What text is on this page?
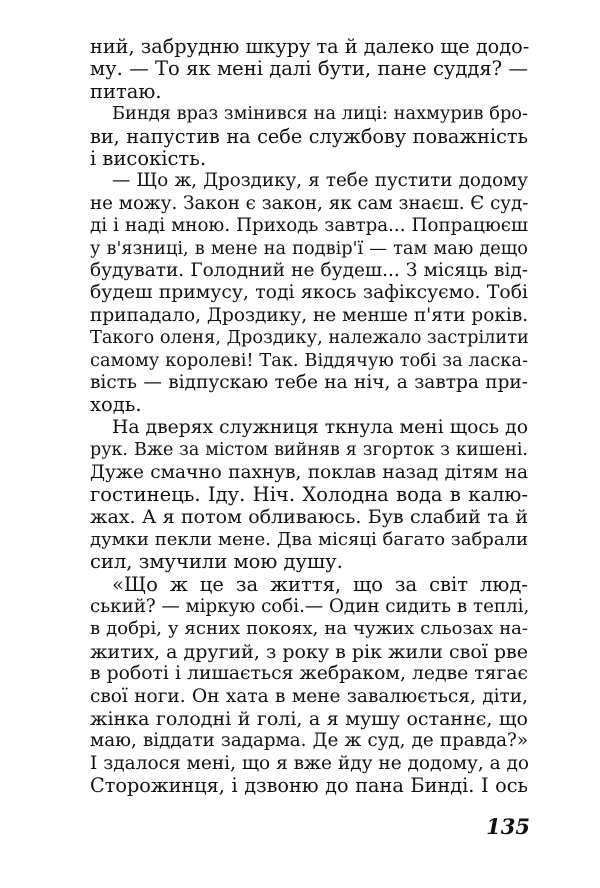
ний, забрудню шкуру та й далеко ще додо-
му. — То як мені далі бути, пане суддя? —
питаю.
Биндя враз змінився на лиці: нахмурив бро-
ви, напустив на себе службову поважність
і високість.
— Що ж, Дроздику, я тебе пустити додому
не можу. Закон є закон, як сам знаєш. Є суд-
ді і наді мною. Приходь завтра... Попрацюєш
у в'язниці, в мене на подвір'ї — там маю дещо
будувати. Голодний не будеш... З місяць від-
будеш примусу, тоді якось зафіксуємо. Тобі
припадало, Дроздику, не менше п'яти років.
Такого оленя, Дроздику, належало застрілити
самому королеві! Так. Віддячую тобі за ласка-
вість — відпускаю тебе на ніч, а завтра при-
ходь.
На дверях служниця ткнула мені щось до
рук. Вже за містом вийняв я згорток з кишені.
Дуже смачно пахнув, поклав назад дітям на
гостинець. Іду. Ніч. Холодна вода в калю-
жах. А я потом обливаюсь. Був слабий та й
думки пекли мене. Два місяці багато забрали
сил, змучили мою душу.
«Що ж це за життя, що за світ люд-
ський? — міркую собі.— Один сидить в теплі,
в добрі, у ясних покоях, на чужих сльозах на-
житих, а другий, з року в рік жили свої рве
в роботі і лишається жебраком, ледве тягає
свої ноги. Он хата в мене завалюється, діти,
жінка голодні й голі, а я мушу останнє, що
маю, віддати задарма. Де ж суд, де правда?»
І здалося мені, що я вже йду не додому, а до
Сторожинця, і дзвоню до пана Бинді. І ось
135
